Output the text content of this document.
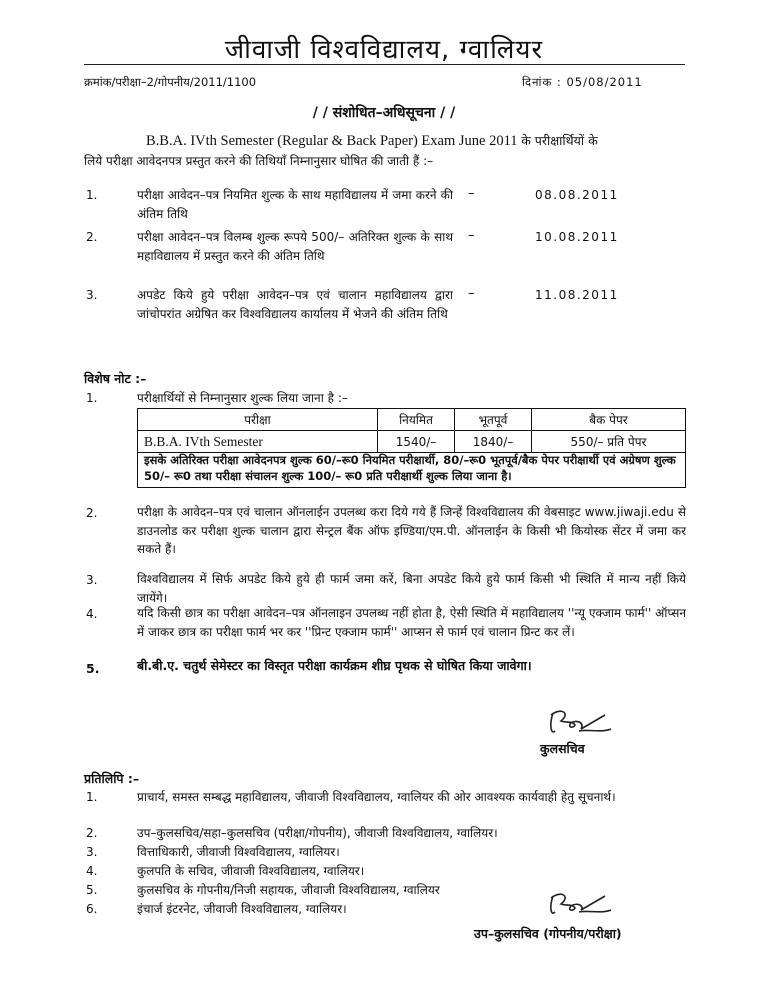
जीवाजी विश्वविद्यालय, ग्वालियर
क्रमांक/परीक्षा–2/गोपनीय/2011/1100	दिनांक : 05/08/2011
/ / संशोधित–अधिसूचना / /
B.B.A. IVth Semester (Regular & Back Paper) Exam June 2011 के परीक्षार्थियों के
लिये परीक्षा आवेदनपत्र प्रस्तुत करने की तिथियाँ निम्नानुसार घोषित की जाती हैं :–
1.	परीक्षा आवेदन–पत्र नियमित शुल्क के साथ महाविद्यालय में जमा करने की अंतिम तिथि
–	08.08.2011
2.	परीक्षा आवेदन–पत्र विलम्ब शुल्क रूपये 500/– अतिरिक्त शुल्क के साथ महाविद्यालय में प्रस्तुत करने की अंतिम तिथि
–	10.08.2011
3.	अपडेट किये हुये परीक्षा आवेदन–पत्र एवं चालान महाविद्यालय द्वारा जांचोपरांत अग्रेषित कर विश्वविद्यालय कार्यालय में भेजने की अंतिम तिथि
–	11.08.2011
विशेष नोट :–
1.	परीक्षार्थियों से निम्नानुसार शुल्क लिया जाना है :–
परीक्षा	नियमित	भूतपूर्व	बैक पेपर
B.B.A. IVth Semester	1540/–	1840/–	550/– प्रति पेपर
इसके अतिरिक्त परीक्षा आवेदनपत्र शुल्क 60/–रू0 नियमित परीक्षार्थी, 80/–रू0 भूतपूर्व/बैक पेपर परीक्षार्थी एवं अग्रेषण शुल्क 50/– रू0 तथा परीक्षा संचालन शुल्क 100/– रू0 प्रति परीक्षार्थी शुल्क लिया जाना है।
2.	परीक्षा के आवेदन–पत्र एवं चालान ऑनलाईन उपलब्ध करा दिये गये हैं जिन्हें विश्वविद्यालय की वेबसाइट www.jiwaji.edu से डाउनलोड कर परीक्षा शुल्क चालान द्वारा सेन्ट्रल बैंक ऑफ इण्डिया/एम.पी. ऑनलाईन के किसी भी कियोस्क सेंटर में जमा कर सकते हैं।
3.	विश्वविद्यालय में सिर्फ अपडेट किये हुये ही फार्म जमा करें, बिना अपडेट किये हुये फार्म किसी भी स्थिति में मान्य नहीं किये जायेंगे।
4.	यदि किसी छात्र का परीक्षा आवेदन–पत्र ऑनलाइन उपलब्ध नहीं होता है, ऐसी स्थिति में महाविद्यालय ''न्यू एक्जाम फार्म'' ऑप्सन में जाकर छात्र का परीक्षा फार्म भर कर ''प्रिन्ट एक्जाम फार्म'' आप्सन से फार्म एवं चालान प्रिन्ट कर लें।
5.	बी.बी.ए. चतुर्थ सेमेस्टर का विस्तृत परीक्षा कार्यक्रम शीघ्र पृथक से घोषित किया जावेगा।
कुलसचिव
प्रतिलिपि :–
1.	प्राचार्य, समस्त सम्बद्ध महाविद्यालय, जीवाजी विश्वविद्यालय, ग्वालियर की ओर आवश्यक कार्यवाही हेतु सूचनार्थ।
2.	उप–कुलसचिव/सहा–कुलसचिव (परीक्षा/गोपनीय), जीवाजी विश्वविद्यालय, ग्वालियर।
3.	वित्ताधिकारी, जीवाजी विश्वविद्यालय, ग्वालियर।
4.	कुलपति के सचिव, जीवाजी विश्वविद्यालय, ग्वालियर।
5.	कुलसचिव के गोपनीय/निजी सहायक, जीवाजी विश्वविद्यालय, ग्वालियर
6.	इंचार्ज इंटरनेट, जीवाजी विश्वविद्यालय, ग्वालियर।
उप–कुलसचिव (गोपनीय/परीक्षा)
